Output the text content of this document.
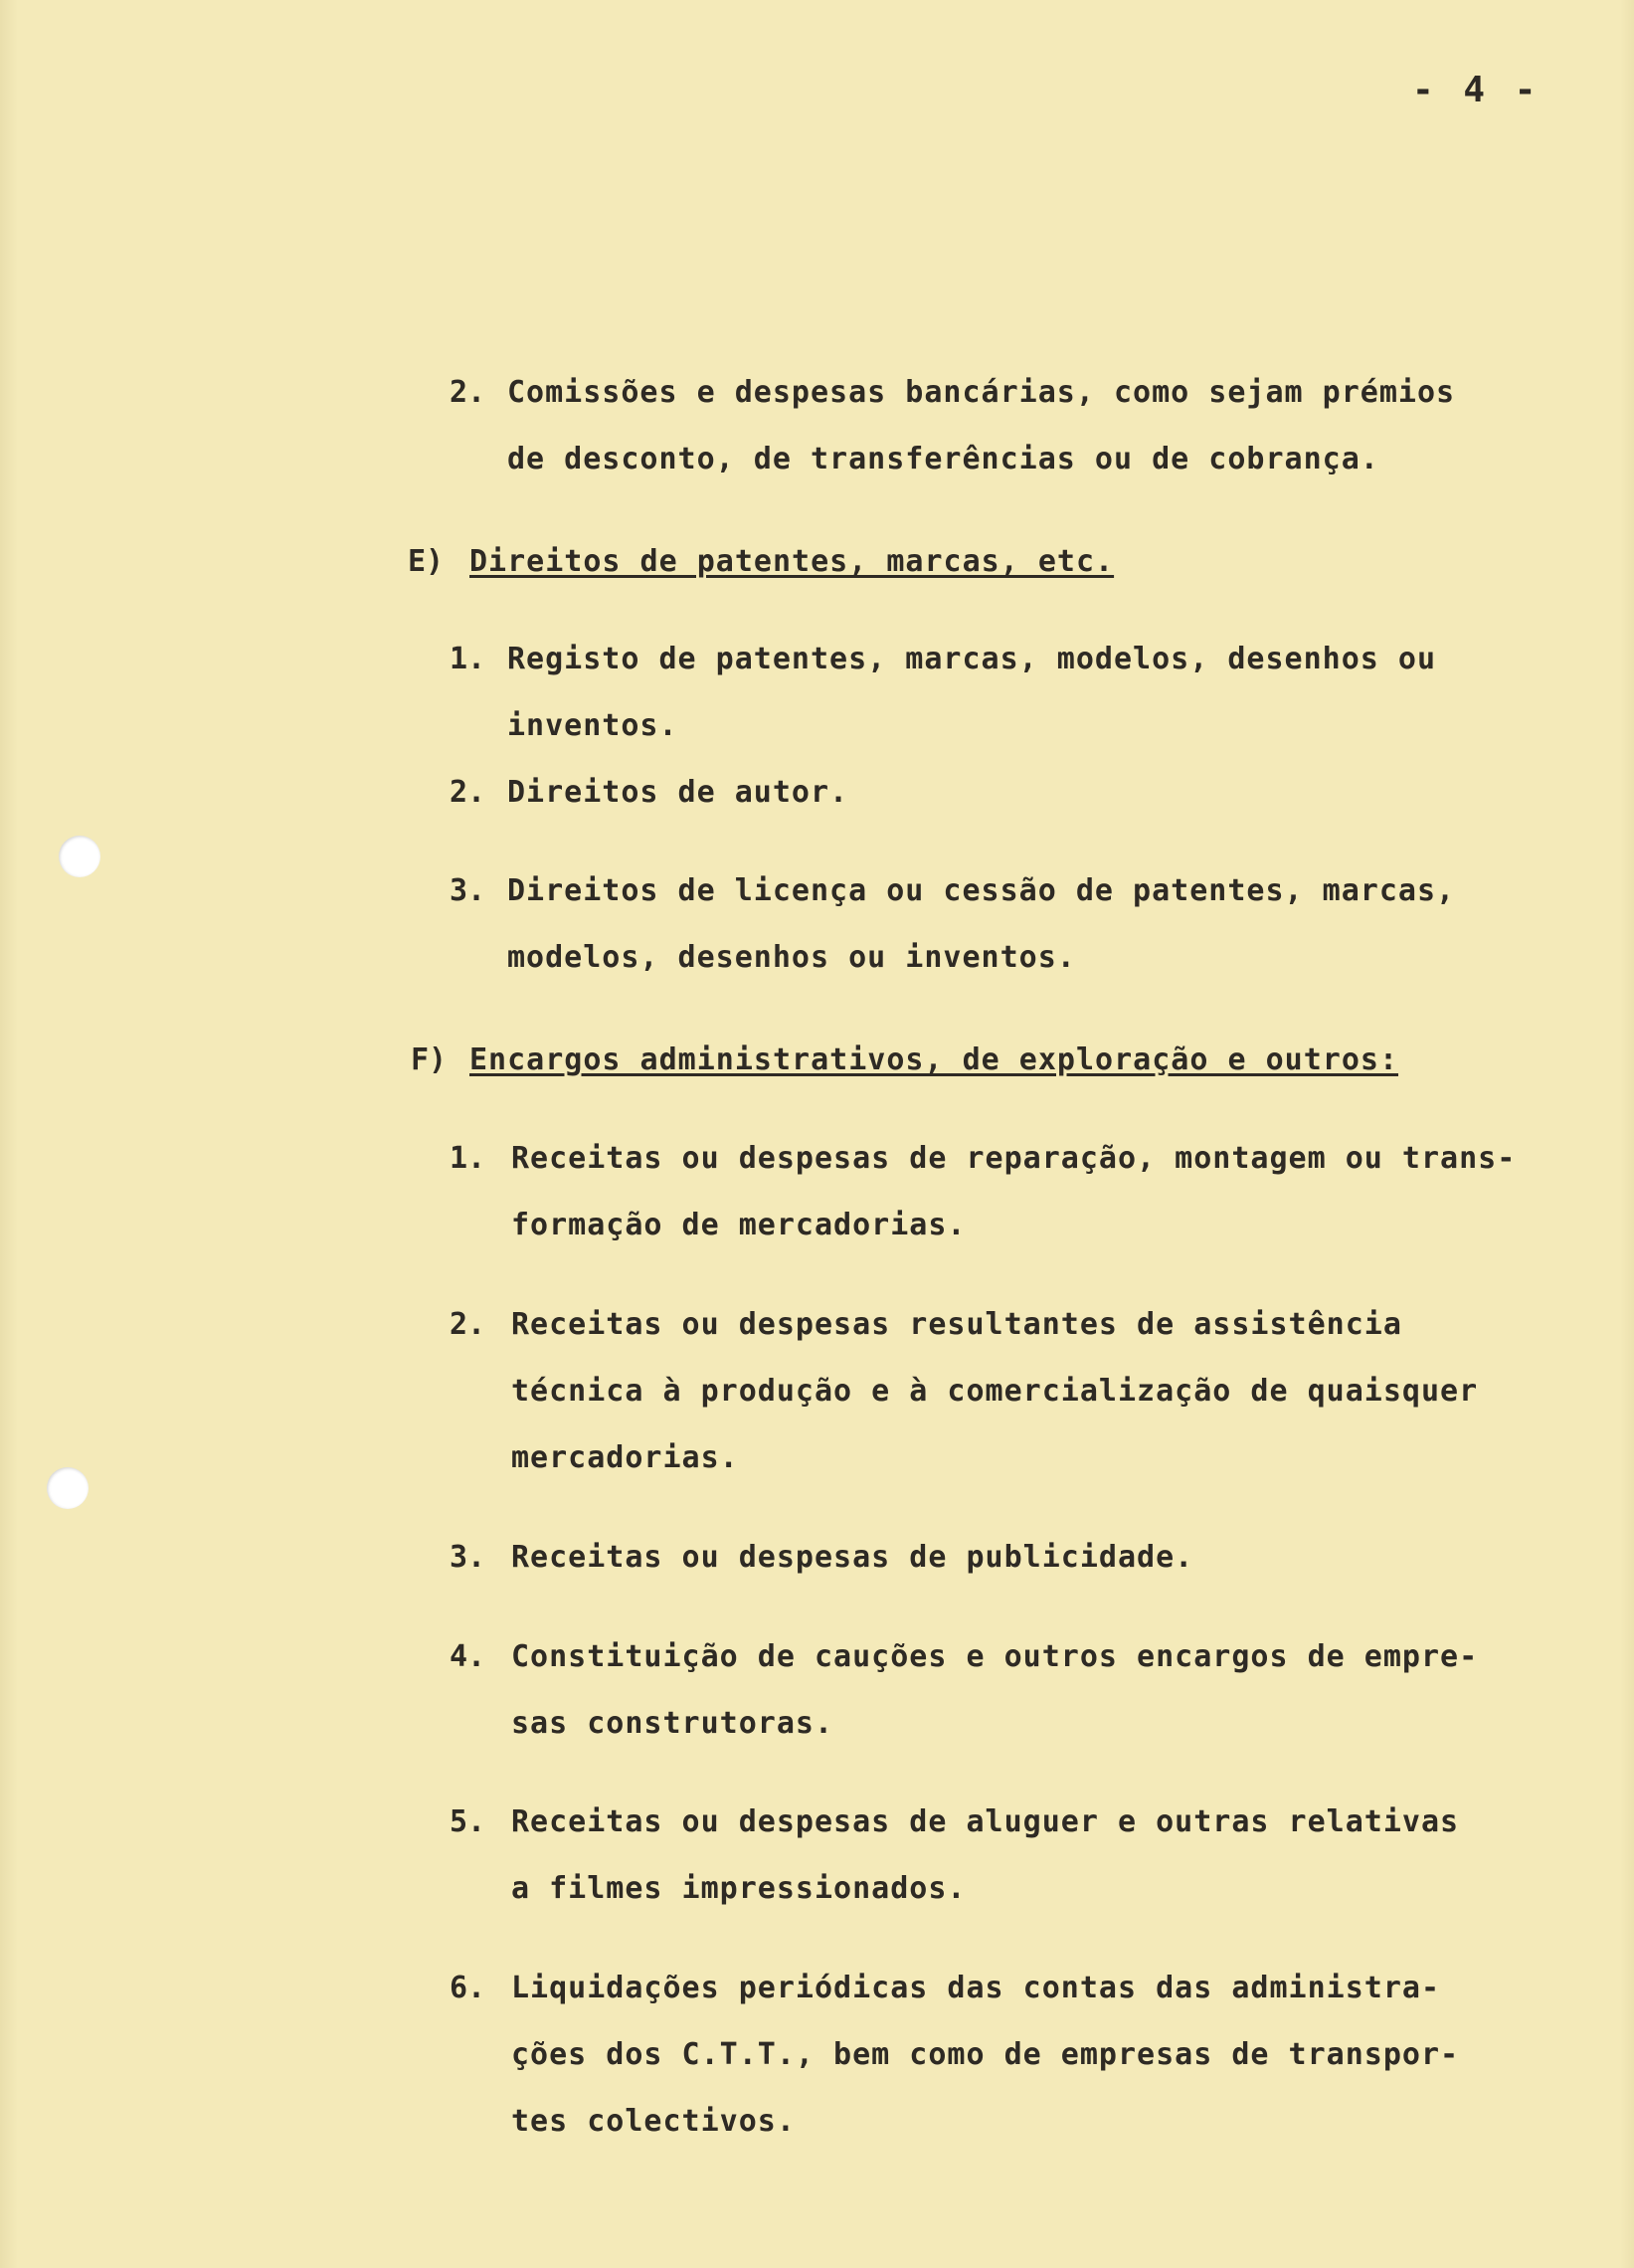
- 4 -
2. Comissões e despesas bancárias, como sejam prémios
de desconto, de transferências ou de cobrança.
E) Direitos de patentes, marcas, etc.
1. Registo de patentes, marcas, modelos, desenhos ou
inventos.
2. Direitos de autor.
3. Direitos de licença ou cessão de patentes, marcas,
modelos, desenhos ou inventos.
F) Encargos administrativos, de exploração e outros:
1. Receitas ou despesas de reparação, montagem ou trans-
formação de mercadorias.
2. Receitas ou despesas resultantes de assistência
técnica à produção e à comercialização de quaisquer
mercadorias.
3. Receitas ou despesas de publicidade.
4. Constituição de cauções e outros encargos de empre-
sas construtoras.
5. Receitas ou despesas de aluguer e outras relativas
a filmes impressionados.
6. Liquidações periódicas das contas das administra-
ções dos C.T.T., bem como de empresas de transpor-
tes colectivos.
